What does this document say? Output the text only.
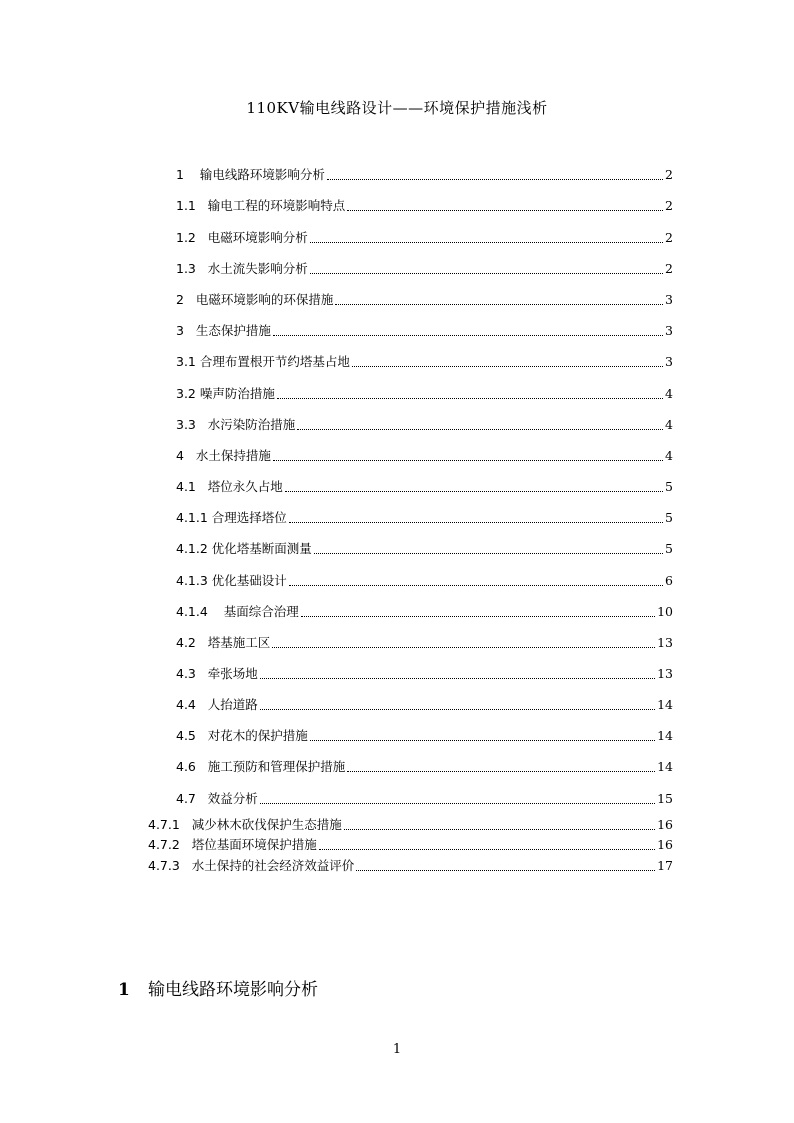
110KV输电线路设计——环境保护措施浅析
1    输电线路环境影响分析	2
1.1   输电工程的环境影响特点	2
1.2   电磁环境影响分析	2
1.3   水土流失影响分析	2
2   电磁环境影响的环保措施	3
3   生态保护措施	3
3.1 合理布置根开节约塔基占地	3
3.2 噪声防治措施	4
3.3   水污染防治措施	4
4   水土保持措施	4
4.1   塔位永久占地	5
4.1.1 合理选择塔位	5
4.1.2 优化塔基断面测量	5
4.1.3 优化基础设计	6
4.1.4    基面综合治理	10
4.2   塔基施工区	13
4.3   牵张场地	13
4.4   人抬道路	14
4.5   对花木的保护措施	14
4.6   施工预防和管理保护措施	14
4.7   效益分析	15
4.7.1   减少林木砍伐保护生态措施	16
4.7.2   塔位基面环境保护措施	16
4.7.3   水土保持的社会经济效益评价	17
1 输电线路环境影响分析
1
